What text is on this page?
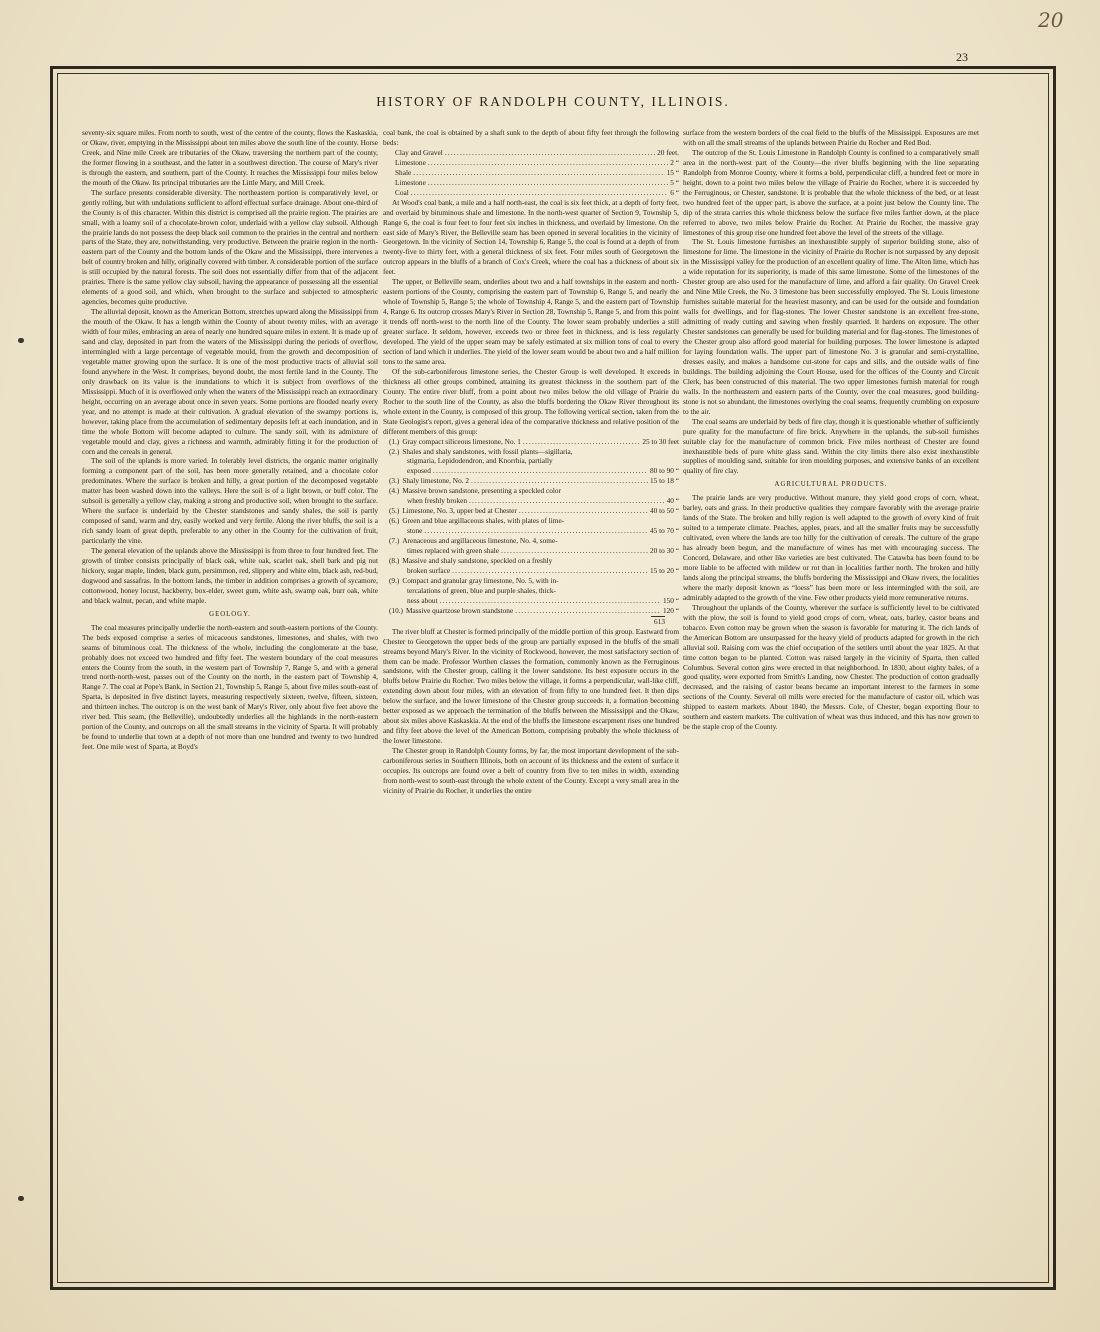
20
23
HISTORY OF RANDOLPH COUNTY, ILLINOIS.

seventy-six square miles. From north to south, west of the centre of the county, flows the Kaskaskia, or Okaw, river, emptying in the Mississippi about ten miles above the south line of the county. Horse Creek, and Nine mile Creek are tributaries of the Okaw, traversing the northern part of the county, the former flowing in a southeast, and the latter in a southwest direction. The course of Mary's river is through the eastern, and southern, part of the County. It reaches the Mississippi four miles below the mouth of the Okaw. Its principal tributaries are the Little Mary, and Mill Creek.

The surface presents considerable diversity. The northeastern portion is comparatively level, or gently rolling, but with undulations sufficient to afford effectual surface drainage. About one-third of the County is of this character. Within this district is comprised all the prairie region. The prairies are small, with a loamy soil of a chocolate-brown color, underlaid with a yellow clay subsoil. Although the prairie lands do not possess the deep black soil common to the prairies in the central and northern parts of the State, they are, notwithstanding, very productive. Between the prairie region in the north-eastern part of the County and the bottom lands of the Okaw and the Mississippi, there intervenes a belt of country broken and hilly, originally covered with timber. A considerable portion of the surface is still occupied by the natural forests. The soil does not essentially differ from that of the adjacent prairies. There is the same yellow clay subsoil, having the appearance of possessing all the essential elements of a good soil, and which, when brought to the surface and subjected to atmospheric agencies, becomes quite productive.

The alluvial deposit, known as the American Bottom, stretches upward along the Mississippi from the mouth of the Okaw. It has a length within the County of about twenty miles, with an average width of four miles, embracing an area of nearly one hundred square miles in extent. It is made up of sand and clay, deposited in part from the waters of the Mississippi during the periods of overflow, intermingled with a large percentage of vegetable mould, from the growth and decomposition of vegetable matter growing upon the surface. It is one of the most productive tracts of alluvial soil found anywhere in the West. It comprises, beyond doubt, the most fertile land in the County. The only drawback on its value is the inundations to which it is subject from overflows of the Mississippi. Much of it is overflowed only when the waters of the Mississippi reach an extraordinary height, occurring on an average about once in seven years. Some portions are flooded nearly every year, and no attempt is made at their cultivation. A gradual elevation of the swampy portions is, however, taking place from the accumulation of sedimentary deposits left at each inundation, and in time the whole Bottom will become adapted to culture. The sandy soil, with its admixture of vegetable mould and clay, gives a richness and warmth, admirably fitting it for the production of corn and the cereals in general.

The soil of the uplands is more varied. In tolerably level districts, the organic matter originally forming a component part of the soil, has been more generally retained, and a chocolate color predominates. Where the surface is broken and hilly, a great portion of the decomposed vegetable matter has been washed down into the valleys. Here the soil is of a light brown, or buff color. The subsoil is generally a yellow clay, making a strong and productive soil, when brought to the surface. Where the surface is underlaid by the Chester standstones and sandy shales, the soil is partly composed of sand, warm and dry, easily worked and very fertile. Along the river bluffs, the soil is a rich sandy loam of great depth, preferable to any other in the County for the cultivation of fruit, particularly the vine.

The general elevation of the uplands above the Mississippi is from three to four hundred feet. The growth of timber consists principally of black oak, white oak, scarlet oak, shell bark and pig nut hickory, sugar maple, linden, black gum, persimmon, red, slippery and white elm, black ash, red-bud, dogwood and sassafras. In the bottom lands, the timber in addition comprises a growth of sycamore, cottonwood, honey locust, hackberry, box-elder, sweet gum, white ash, swamp oak, burr oak, white and black walnut, pecan, and white maple.

GEOLOGY.

The coal measures principally underlie the north-eastern and south-eastern portions of the County. The beds exposed comprise a series of micaceous sandstones, limestones, and shales, with two seams of bituminous coal. The thickness of the whole, including the conglomerate at the base, probably does not exceed two hundred and fifty feet. The western boundary of the coal measures enters the County from the south, in the western part of Township 7, Range 5, and with a general trend north-north-west, passes out of the County on the north, in the eastern part of Township 4, Range 7. The coal at Pope's Bank, in Section 21, Township 5, Range 5, about five miles south-east of Sparta, is deposited in five distinct layers, measuring respectively sixteen, twelve, fifteen, sixteen, and thirteen inches. The outcrop is on the west bank of Mary's River, only about five feet above the river bed. This seam, (the Belleville), undoubtedly underlies all the highlands in the north-eastern portion of the County, and outcrops on all the small streams in the vicinity of Sparta. It will probably be found to underlie that town at a depth of not more than one hundred and twenty to two hundred feet. One mile west of Sparta, at Boyd's

coal bank, the coal is obtained by a shaft sunk to the depth of about fifty feet through the following beds:

Clay and Gravel .....	20 feet.
Limestone .....	2 “
Shale .....	15 “
Limestone .....	5 “
Coal .....	6 “

At Wood's coal bank, a mile and a half north-east, the coal is six feet thick, at a depth of forty feet, and overlaid by bituminous shale and limestone. In the north-west quarter of Section 9, Township 5, Range 6, the coal is four feet to four feet six inches in thickness, and overlaid by limestone. On the east side of Mary's River, the Belleville seam has been opened in several localities in the vicinity of Georgetown. In the vicinity of Section 14, Township 6, Range 5, the coal is found at a depth of from twenty-five to thirty feet, with a general thickness of six feet. Four miles south of Georgetown the outcrop appears in the bluffs of a branch of Cox's Creek, where the coal has a thickness of about six feet.

The upper, or Belleville seam, underlies about two and a half townships in the eastern and north-eastern portions of the County, comprising the eastern part of Township 6, Range 5, and nearly the whole of Township 5, Range 5; the whole of Township 4, Range 5, and the eastern part of Township 4, Range 6. Its outcrop crosses Mary's River in Section 28, Township 5, Range 5, and from this point it trends off north-west to the north line of the County. The lower seam probably underlies a still greater surface. It seldom, however, exceeds two or three feet in thickness, and is less regularly developed. The yield of the upper seam may be safely estimated at six million tons of coal to every section of land which it underlies. The yield of the lower seam would be about two and a half million tons to the same area.

Of the sub-carboniferous limestone series, the Chester Group is well developed. It exceeds in thickness all other groups combined, attaining its greatest thickness in the southern part of the County. The entire river bluff, from a point about two miles below the old village of Prairie du Rocher to the south line of the County, as also the bluffs bordering the Okaw River throughout its whole extent in the County, is composed of this group. The following vertical section, taken from the State Geologist's report, gives a general idea of the comparative thickness and relative position of the different members of this group:

(1.) Gray compact siliceous limestone, No. 1 .....	25 to 30 feet
(2.) Shales and shaly sandstones, with fossil plants—sigillaria,
stigmaria, Lepidodendron, and Knorrhia, partially
exposed .....	80 to 90 “
(3.) Shaly limestone, No. 2 .....	15 to 18 “
(4.) Massive brown sandstone, presenting a speckled color
when freshly broken .....	40 “
(5.) Limestone, No. 3, upper bed at Chester .....	40 to 50 “
(6.) Green and blue argillaceous shales, with plates of lime-
stone .....	45 to 70 “
(7.) Arenaceous and argillaceous limestone, No. 4, some-
times replaced with green shale .....	20 to 30 “
(8.) Massive and shaly sandstone, speckled on a freshly
broken surface .....	15 to 20 “
(9.) Compact and granular gray limestone, No. 5, with in-
tercalations of green, blue and purple shales, thick-
ness about .....	150 “
(10.) Massive quartzose brown standstone .....	120 “
613

The river bluff at Chester is formed principally of the middle portion of this group. Eastward from Chester to Georgetown the upper beds of the group are partially exposed in the bluffs of the small streams beyond Mary's River. In the vicinity of Rockwood, however, the most satisfactory section of them can be made. Professor Worthen classes the formation, commonly known as the Ferruginous sandstone, with the Chester group, calling it the lower sandstone. Its best exposure occurs in the bluffs below Prairie du Rocher. Two miles below the village, it forms a perpendicular, wall-like cliff, extending down about four miles, with an elevation of from fifty to one hundred feet. It then dips below the surface, and the lower limestone of the Chester group succeeds it, a formation becoming better exposed as we approach the termination of the bluffs between the Mississippi and the Okaw, about six miles above Kaskaskia. At the end of the bluffs the limestone escarpment rises one hundred and fifty feet above the level of the American Bottom, comprising probably the whole thickness of the lower limestone.

The Chester group in Randolph County forms, by far, the most important development of the sub-carboniferous series in Southern Illinois, both on account of its thickness and the extent of surface it occupies. Its outcrops are found over a belt of country from five to ten miles in width, extending from north-west to south-east through the whole extent of the County. Except a very small area in the vicinity of Prairie du Rocher, it underlies the entire

surface from the western borders of the coal field to the bluffs of the Mississippi. Exposures are met with on all the small streams of the uplands between Prairie du Rocher and Red Bud.

The outcrop of the St. Louis Limestone in Randolph County is confined to a comparatively small area in the north-west part of the County—the river bluffs beginning with the line separating Randolph from Monroe County, where it forms a bold, perpendicular cliff, a hundred feet or more in height, down to a point two miles below the village of Prairie du Rocher, where it is succeeded by the Ferruginous, or Chester, sandstone. It is probable that the whole thickness of the bed, or at least two hundred feet of the upper part, is above the surface, at a point just below the County line. The dip of the strata carries this whole thickness below the surface five miles farther down, at the place referred to above, two miles below Prairie du Rocher. At Prairie du Rocher, the massive gray limestones of this group rise one hundred feet above the level of the streets of the village.

The St. Louis limestone furnishes an inexhaustible supply of superior building stone, also of limestone for lime. The limestone in the vicinity of Prairie du Rocher is not surpassed by any deposit in the Mississippi valley for the production of an excellent quality of lime. The Alton lime, which has a wide reputation for its superiority, is made of this same limestone. Some of the limestones of the Chester group are also used for the manufacture of lime, and afford a fair quality. On Gravel Creek and Nine Mile Creek, the No. 3 limestone has been successfully employed. The St. Louis limestone furnishes suitable material for the heaviest masonry, and can be used for the outside and foundation walls for dwellings, and for flag-stones. The lower Chester sandstone is an excellent free-stone, admitting of ready cutting and sawing when freshly quarried. It hardens on exposure. The other Chester sandstones can generally be used for building material and for flag-stones. The limestones of the Chester group also afford good material for building purposes. The lower limestone is adapted for laying foundation walls. The upper part of limestone No. 3 is granular and semi-crystalline, dresses easily, and makes a handsome cut-stone for caps and sills, and the outside walls of fine buildings. The building adjoining the Court House, used for the offices of the County and Circuit Clerk, has been constructed of this material. The two upper limestones furnish material for rough walls. In the northeastern and eastern parts of the County, over the coal measures, good building-stone is not so abundant, the limestones overlying the coal seams, frequently crumbling on exposure to the air.

The coal seams are underlaid by beds of fire clay, though it is questionable whether of sufficiently pure quality for the manufacture of fire brick. Anywhere in the uplands, the sub-soil furnishes suitable clay for the manufacture of common brick. Five miles northeast of Chester are found inexhaustible beds of pure white glass sand. Within the city limits there also exist inexhaustible supplies of moulding sand, suitable for iron moulding purposes, and extensive banks of an excellent quality of fire clay.

AGRICULTURAL PRODUCTS.

The prairie lands are very productive. Without manure, they yield good crops of corn, wheat, barley, oats and grass. In their productive qualities they compare favorably with the average prairie lands of the State. The broken and hilly region is well adapted to the growth of every kind of fruit suited to a temperate climate. Peaches, apples, pears, and all the smaller fruits may be successfully cultivated, even where the lands are too hilly for the cultivation of cereals. The culture of the grape has already been begun, and the manufacture of wines has met with encouraging success. The Concord, Delaware, and other like varieties are best cultivated. The Catawba has been found to be more liable to be affected with mildew or rot than in localities farther north. The broken and hilly lands along the principal streams, the bluffs bordering the Mississippi and Okaw rivers, the localities where the marly deposit known as “loess” has been more or less intermingled with the soil, are admirably adapted to the growth of the vine. Few other products yield more remunerative returns.

Throughout the uplands of the County, wherever the surface is sufficiently level to be cultivated with the plow, the soil is found to yield good crops of corn, wheat, oats, barley, castor beans and tobacco. Even cotton may be grown when the season is favorable for maturing it. The rich lands of the American Bottom are unsurpassed for the heavy yield of products adapted for growth in the rich alluvial soil. Raising corn was the chief occupation of the settlers until about the year 1825. At that time cotton began to be planted. Cotton was raised largely in the vicinity of Sparta, then called Columbus. Several cotton gins were erected in that neighborhood. In 1830, about eighty bales, of a good quality, were exported from Smith's Landing, now Chester. The production of cotton gradually decreased, and the raising of castor beans became an important interest to the farmers in some sections of the County. Several oil mills were erected for the manufacture of castor oil, which was shipped to eastern markets. About 1840, the Messrs. Cole, of Chester, began exporting flour to southern and eastern markets. The cultivation of wheat was thus induced, and this has now grown to be the staple crop of the County.
